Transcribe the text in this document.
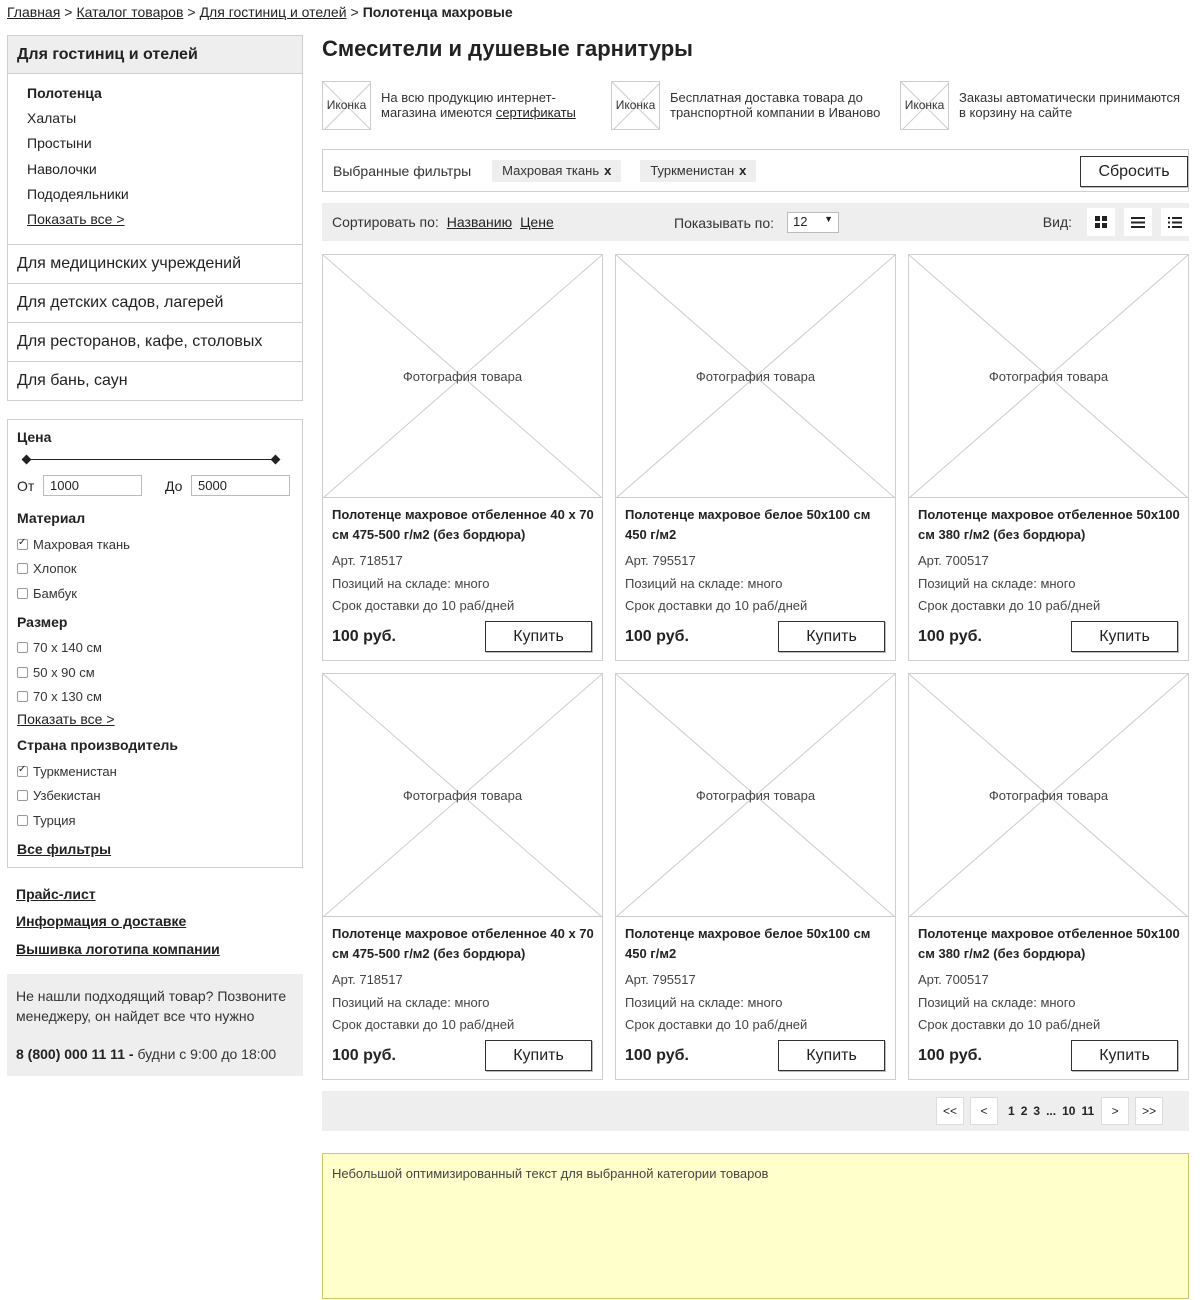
Главная > Каталог товаров > Для гостиниц и отелей > Полотенца махровые
Для гостиниц и отелей
Полотенца
Халаты
Простыни
Наволочки
Пододеяльники
Показать все >
Для медицинских учреждений
Для детских садов, лагерей
Для ресторанов, кафе, столовых
Для бань, саун
Цена
От
1000	До
5000
Материал
✓
Махровая ткань
Хлопок
Бамбук
Размер
70 х 140 см
50 х 90 см
70 х 130 см
Показать все >
Страна производитель
✓
Туркменистан
Узбекистан
Турция
Все фильтры
Прайс-лист
Информация о доставке
Вышивка логотипа компании
Не нашли подходящий товар? Позвоните менеджеру, он найдет все что нужно
8 (800) 000 11 11 - будни с 9:00 до 18:00
Смесители и душевые гарнитуры
Иконка На всю продукцию интернет-магазина имеются сертификаты	Иконка Бесплатная доставка товара до транспортной компании в Иваново	Иконка Заказы автоматически принимаются в корзину на сайте
Выбранные фильтры Махровая ткань x	Туркменистан x	Сбросить
Сортировать по: Названию Цене	Показывать по:	12 ▼	Вид:
Фотография товара
Полотенце махровое отбеленное 40 х 70 см 475-500 г/м2 (без бордюра)
Арт. 718517
Позиций на складе: много
Срок доставки до 10 раб/дней
100 руб.	Купить
Фотография товара
Полотенце махровое белое 50х100 см 450 г/м2
Арт. 795517
Позиций на складе: много
Срок доставки до 10 раб/дней
100 руб.	Купить
Фотография товара
Полотенце махровое отбеленное 50х100 см 380 г/м2 (без бордюра)
Арт. 700517
Позиций на складе: много
Срок доставки до 10 раб/дней
100 руб.	Купить
Фотография товара
Полотенце махровое отбеленное 40 х 70 см 475-500 г/м2 (без бордюра)
Арт. 718517
Позиций на складе: много
Срок доставки до 10 раб/дней
100 руб.	Купить
Фотография товара
Полотенце махровое белое 50х100 см 450 г/м2
Арт. 795517
Позиций на складе: много
Срок доставки до 10 раб/дней
100 руб.	Купить
Фотография товара
Полотенце махровое отбеленное 50х100 см 380 г/м2 (без бордюра)
Арт. 700517
Позиций на складе: много
Срок доставки до 10 раб/дней
100 руб.	Купить
<<	<	1 2 3 ... 10 11	>	>>
Небольшой оптимизированный текст для выбранной категории товаров
